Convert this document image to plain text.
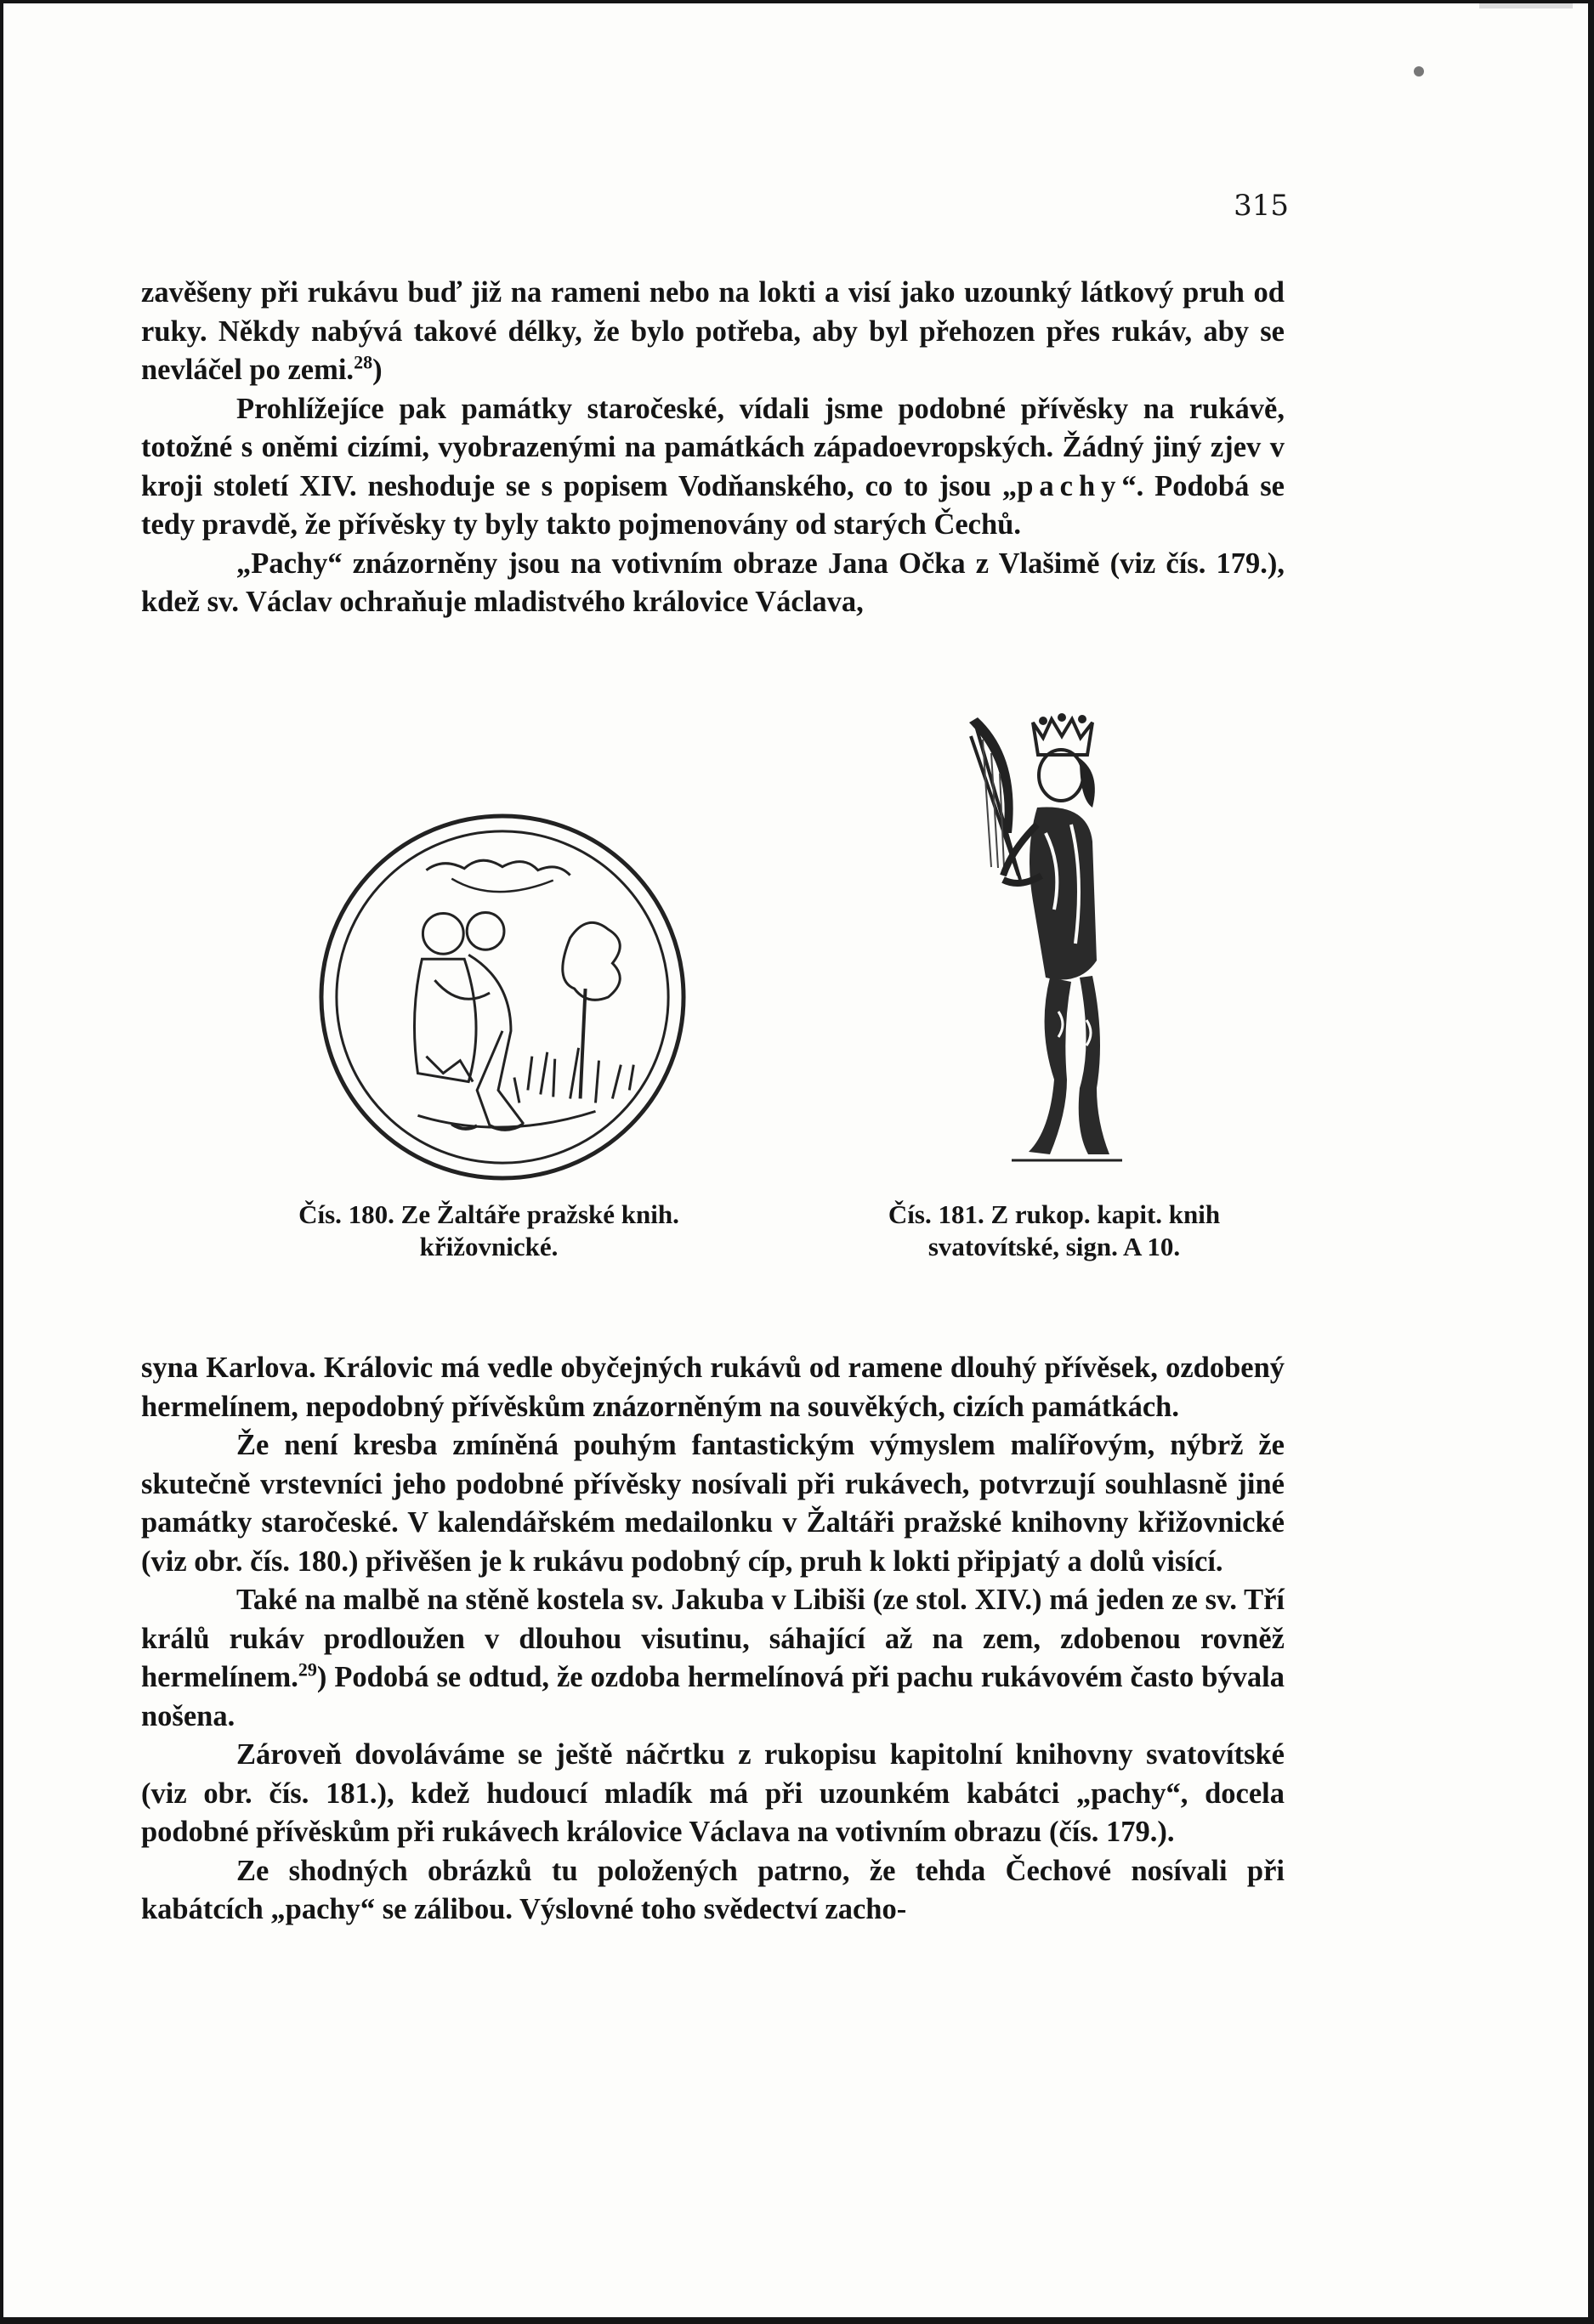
315

zavěšeny při rukávu buď již na rameni nebo na lokti a visí jako uzounký látkový pruh od ruky. Někdy nabývá takové délky, že bylo potřeba, aby byl přehozen přes rukáv, aby se nevláčel po zemi.$^{28}$)

Prohlížejíce pak památky staročeské, vídali jsme podobné přívěsky na rukávě, totožné s oněmi cizími, vyobrazenými na památkách západoevropských. Žádný jiný zjev v kroji století XIV. neshoduje se s popisem Vodňanského, co to jsou „pachy“. Podobá se tedy pravdě, že přívěsky ty byly takto pojmenovány od starých Čechů.

„Pachy“ znázorněny jsou na votivním obraze Jana Očka z Vlašimě (viz čís. 179.), kdež sv. Václav ochraňuje mladistvého královice Václava,

Čís. 180. Ze Žaltáře pražské knih.
křižovnické.
Čís. 181. Z rukop. kapit. knih
svatovítské, sign. A 10.

syna Karlova. Královic má vedle obyčejných rukávů od ramene dlouhý přívěsek, ozdobený hermelínem, nepodobný přívěskům znázorněným na souvěkých, cizích památkách.

Že není kresba zmíněná pouhým fantastickým výmyslem malířovým, nýbrž že skutečně vrstevníci jeho podobné přívěsky nosívali při rukávech, potvrzují souhlasně jiné památky staročeské. V kalendářském medailonku v Žaltáři pražské knihovny křižovnické (viz obr. čís. 180.) přivěšen je k rukávu podobný cíp, pruh k lokti připjatý a dolů visící.

Také na malbě na stěně kostela sv. Jakuba v Libiši (ze stol. XIV.) má jeden ze sv. Tří králů rukáv prodloužen v dlouhou visutinu, sáhající až na zem, zdobenou rovněž hermelínem.$^{29}$) Podobá se odtud, že ozdoba hermelínová při pachu rukávovém často bývala nošena.

Zároveň dovoláváme se ještě náčrtku z rukopisu kapitolní knihovny svatovítské (viz obr. čís. 181.), kdež hudoucí mladík má při uzounkém kabátci „pachy“, docela podobné přívěskům při rukávech královice Václava na votivním obrazu (čís. 179.).

Ze shodných obrázků tu položených patrno, že tehda Čechové nosívali při kabátcích „pachy“ se zálibou. Výslovné toho svědectví zacho-
